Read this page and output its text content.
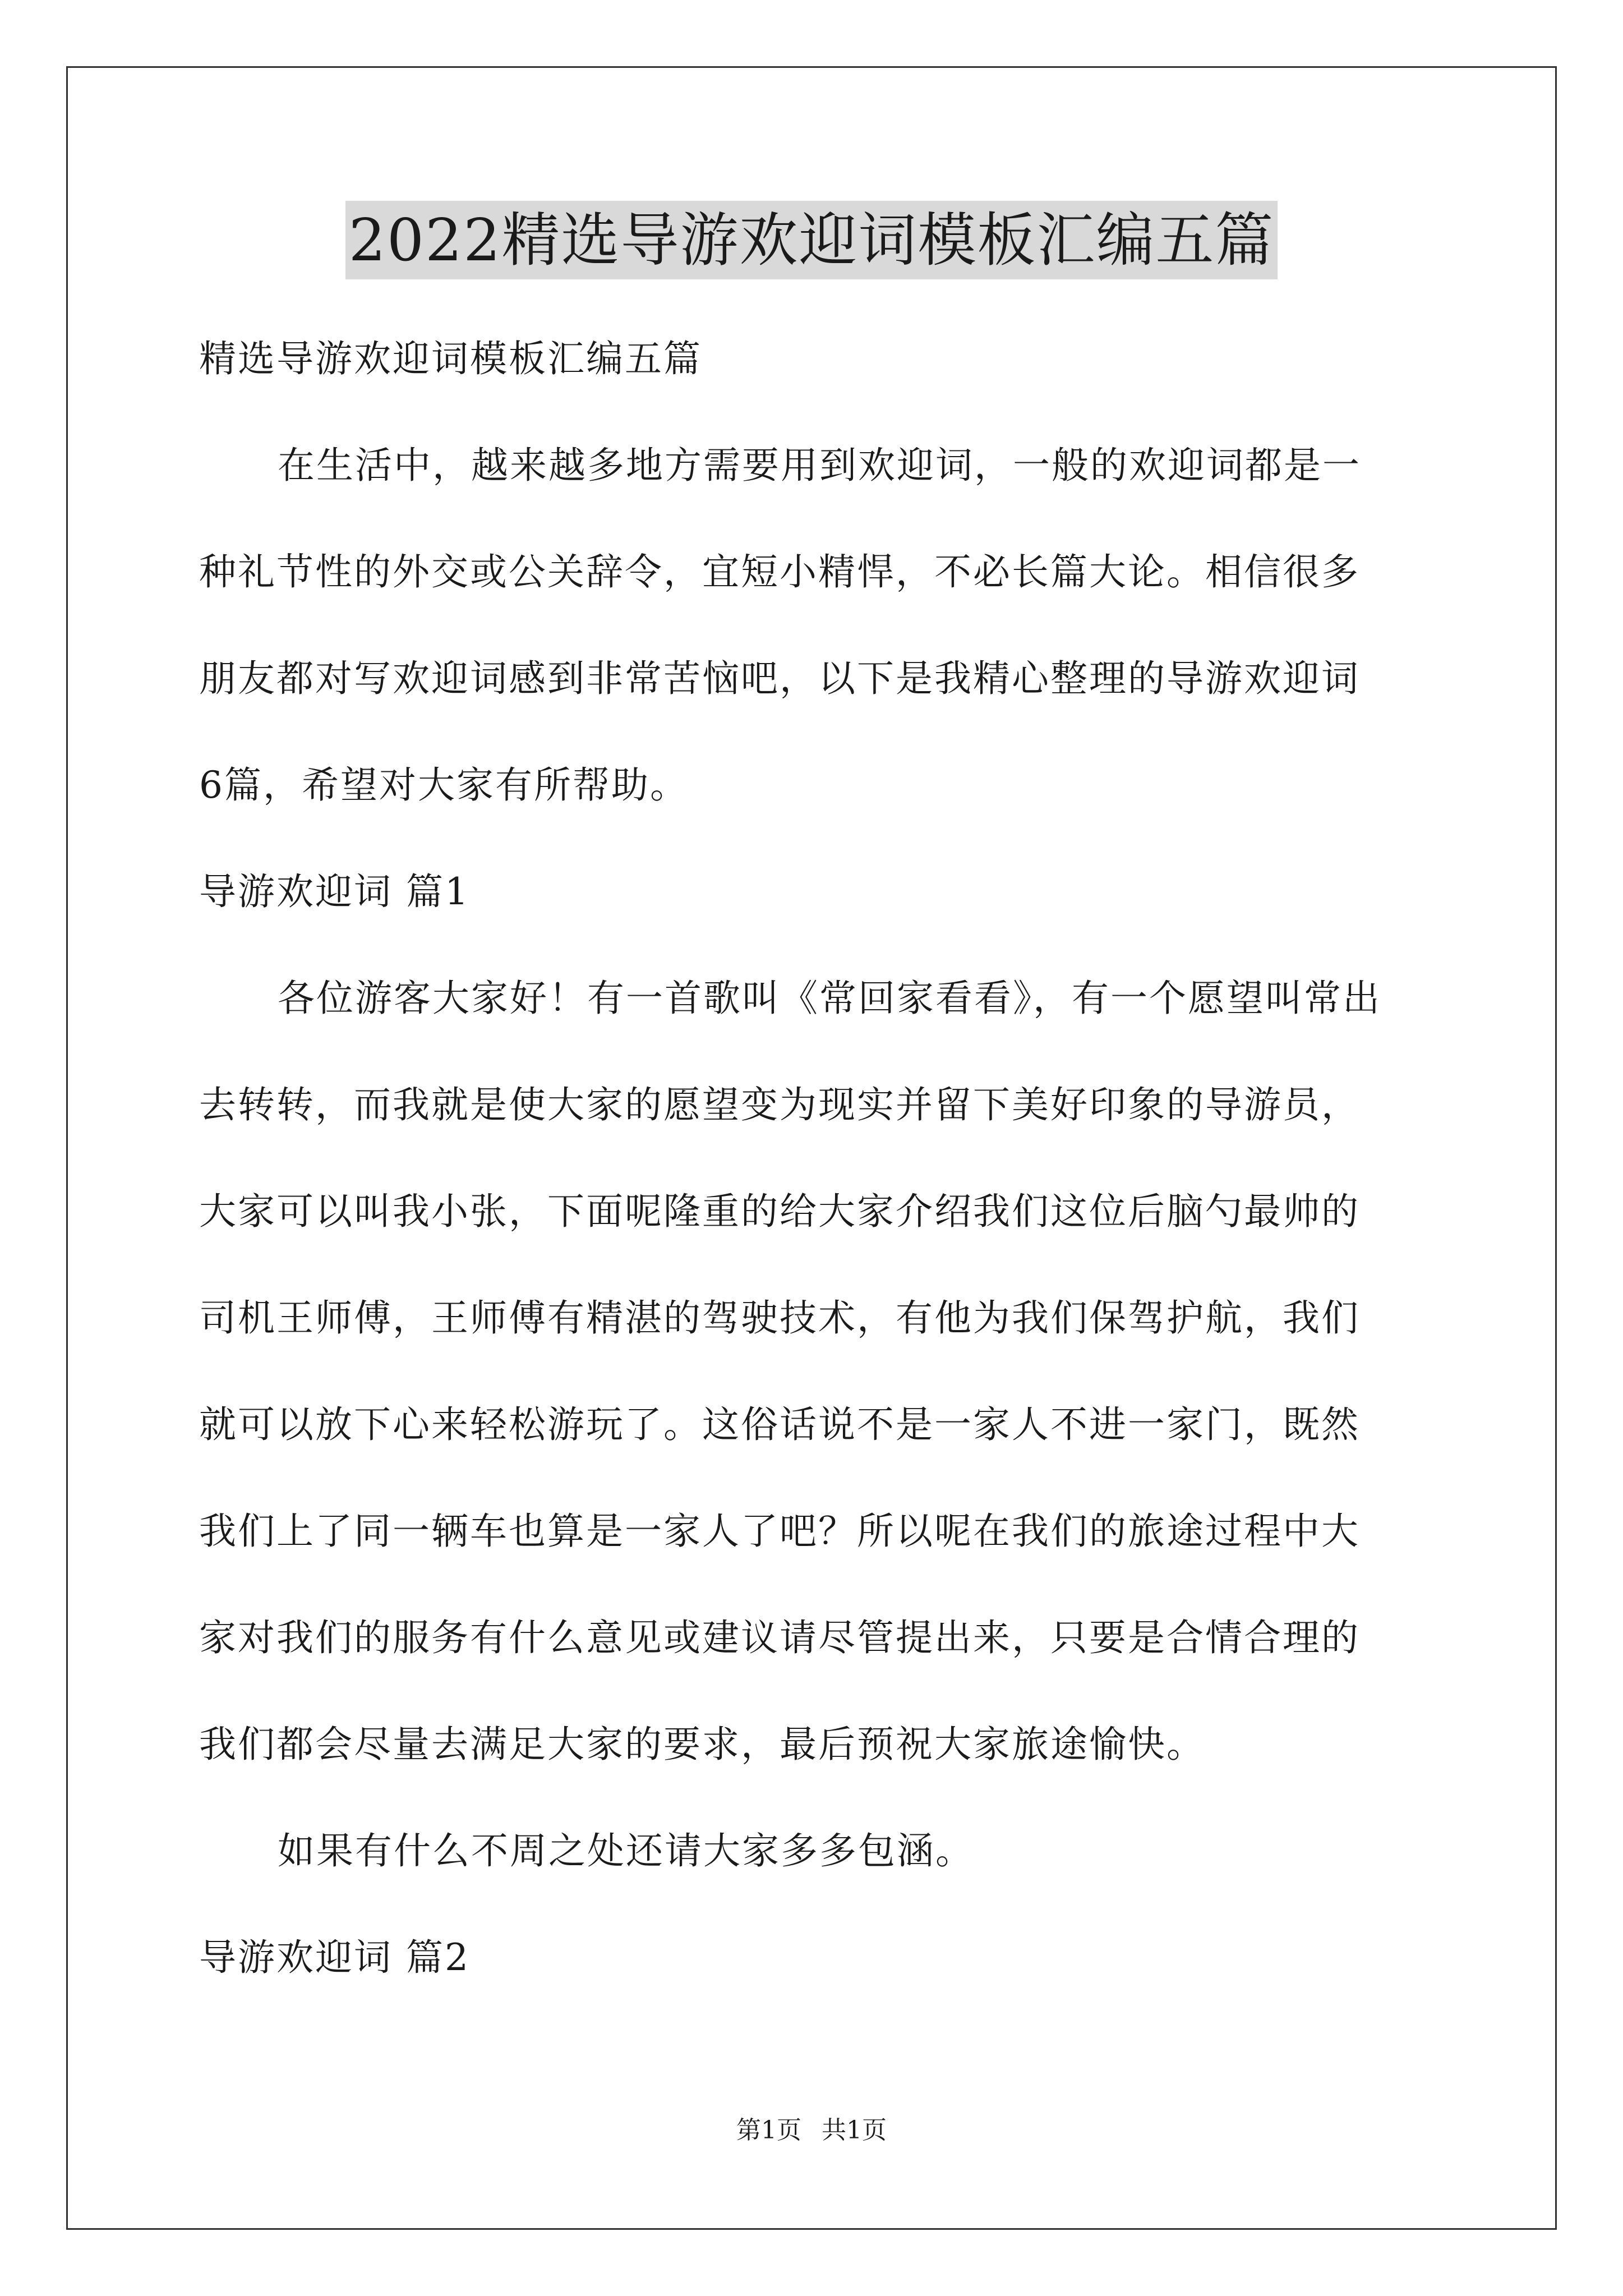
2022精选导游欢迎词模板汇编五篇
精选导游欢迎词模板汇编五篇
在生活中，越来越多地方需要用到欢迎词，一般的欢迎词都是一
种礼节性的外交或公关辞令，宜短小精悍，不必长篇大论。相信很多
朋友都对写欢迎词感到非常苦恼吧，以下是我精心整理的导游欢迎词
6篇，希望对大家有所帮助。
导游欢迎词 篇1
各位游客大家好！有一首歌叫《常回家看看》，有一个愿望叫常出
去转转，而我就是使大家的愿望变为现实并留下美好印象的导游员，
大家可以叫我小张，下面呢隆重的给大家介绍我们这位后脑勺最帅的
司机王师傅，王师傅有精湛的驾驶技术，有他为我们保驾护航，我们
就可以放下心来轻松游玩了。这俗话说不是一家人不进一家门，既然
我们上了同一辆车也算是一家人了吧？所以呢在我们的旅途过程中大
家对我们的服务有什么意见或建议请尽管提出来，只要是合情合理的
我们都会尽量去满足大家的要求，最后预祝大家旅途愉快。
如果有什么不周之处还请大家多多包涵。
导游欢迎词 篇2
第1页 共1页
